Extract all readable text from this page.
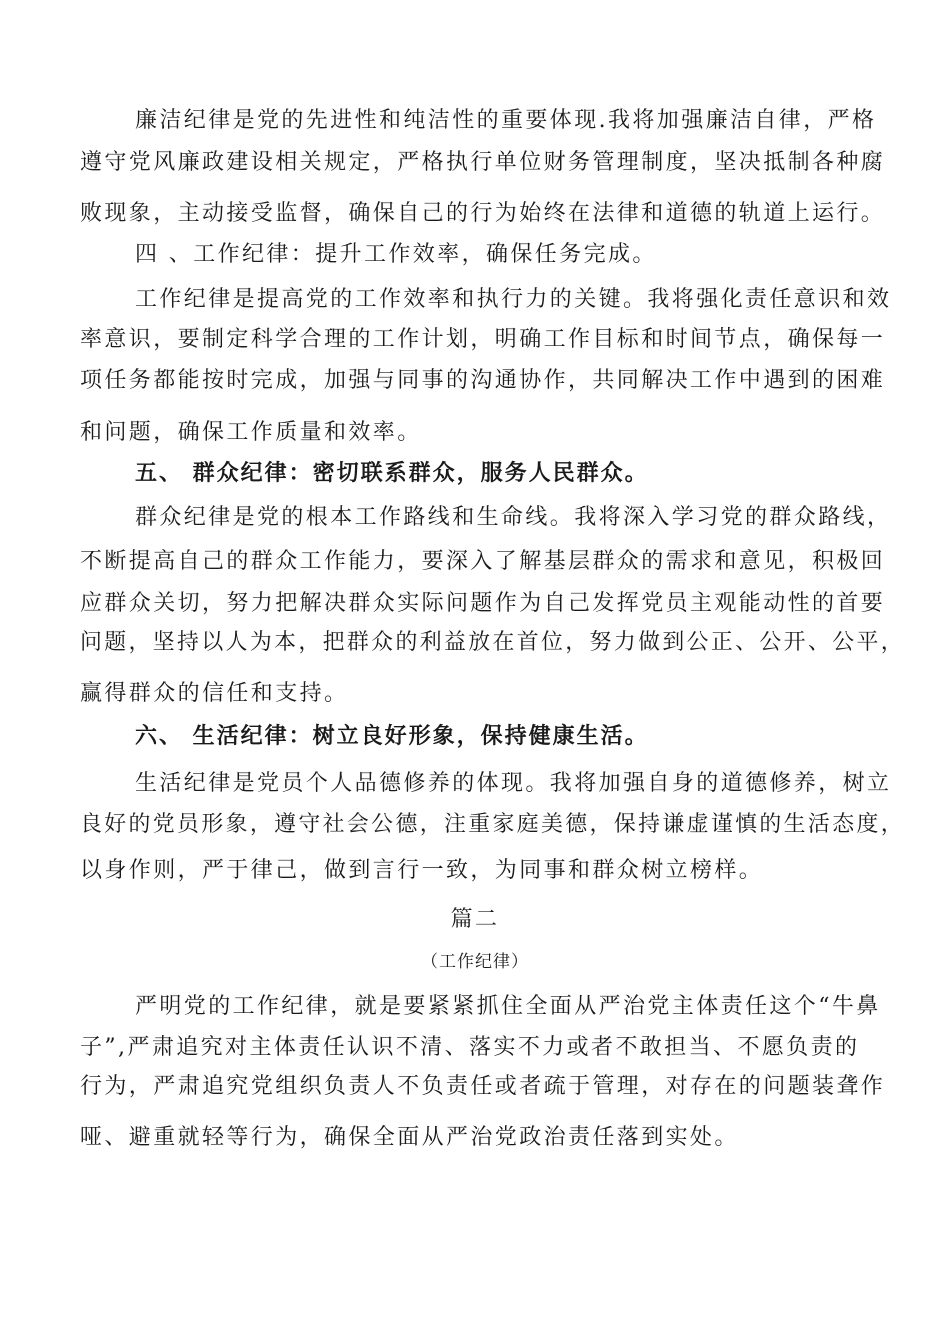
廉洁纪律是党的先进性和纯洁性的重要体现.我将加强廉洁自律，严格
遵守党风廉政建设相关规定，严格执行单位财务管理制度，坚决抵制各种腐
败现象，主动接受监督，确保自己的行为始终在法律和道德的轨道上运行。
四 、工作纪律：提升工作效率，确保任务完成。
工作纪律是提高党的工作效率和执行力的关键。我将强化责任意识和效
率意识，要制定科学合理的工作计划，明确工作目标和时间节点，确保每一
项任务都能按时完成，加强与同事的沟通协作，共同解决工作中遇到的困难
和问题，确保工作质量和效率。
五、 群众纪律：密切联系群众，服务人民群众。
群众纪律是党的根本工作路线和生命线。我将深入学习党的群众路线，
不断提高自己的群众工作能力，要深入了解基层群众的需求和意见，积极回
应群众关切，努力把解决群众实际问题作为自己发挥党员主观能动性的首要
问题，坚持以人为本，把群众的利益放在首位，努力做到公正、公开、公平，
赢得群众的信任和支持。
六、 生活纪律：树立良好形象，保持健康生活。
生活纪律是党员个人品德修养的体现。我将加强自身的道德修养，树立
良好的党员形象，遵守社会公德，注重家庭美德，保持谦虚谨慎的生活态度，
以身作则，严于律己，做到言行一致，为同事和群众树立榜样。
篇二
（工作纪律）
严明党的工作纪律，就是要紧紧抓住全面从严治党主体责任这个“牛鼻
子”,严肃追究对主体责任认识不清、落实不力或者不敢担当、不愿负责的
行为，严肃追究党组织负责人不负责任或者疏于管理，对存在的问题装聋作
哑、避重就轻等行为，确保全面从严治党政治责任落到实处。
